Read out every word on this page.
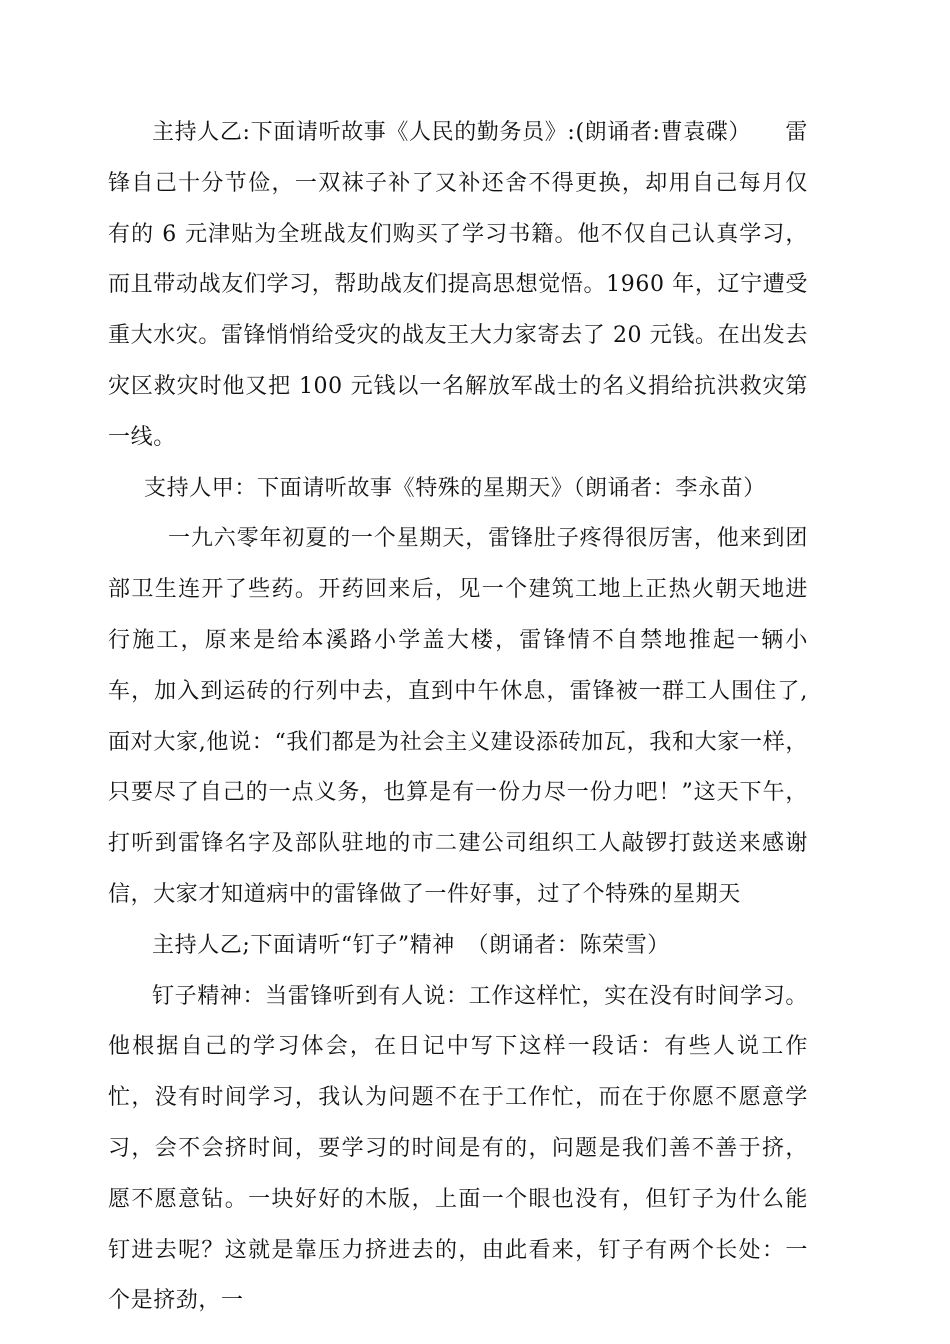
主持人乙:下面请听故事《人民的勤务员》:(朗诵者:曹袁碟）　　雷锋自己十分节俭，一双袜子补了又补还舍不得更换，却用自己每月仅有的 6 元津贴为全班战友们购买了学习书籍。他不仅自己认真学习，而且带动战友们学习，帮助战友们提高思想觉悟。1960 年，辽宁遭受重大水灾。雷锋悄悄给受灾的战友王大力家寄去了 20 元钱。在出发去灾区救灾时他又把 100 元钱以一名解放军战士的名义捐给抗洪救灾第一线。

支持人甲：下面请听故事《特殊的星期天》（朗诵者：李永苗）

一九六零年初夏的一个星期天，雷锋肚子疼得很厉害，他来到团部卫生连开了些药。开药回来后，见一个建筑工地上正热火朝天地进行施工，原来是给本溪路小学盖大楼，雷锋情不自禁地推起一辆小车，加入到运砖的行列中去，直到中午休息，雷锋被一群工人围住了,面对大家,他说：“我们都是为社会主义建设添砖加瓦，我和大家一样，只要尽了自己的一点义务，也算是有一份力尽一份力吧！”这天下午，打听到雷锋名字及部队驻地的市二建公司组织工人敲锣打鼓送来感谢信，大家才知道病中的雷锋做了一件好事，过了个特殊的星期天

主持人乙;下面请听“钉子”精神　（朗诵者：陈荣雪）

钉子精神：当雷锋听到有人说：工作这样忙，实在没有时间学习。他根据自己的学习体会，在日记中写下这样一段话：有些人说工作忙，没有时间学习，我认为问题不在于工作忙，而在于你愿不愿意学习，会不会挤时间，要学习的时间是有的，问题是我们善不善于挤，愿不愿意钻。一块好好的木版，上面一个眼也没有，但钉子为什么能钉进去呢？这就是靠压力挤进去的，由此看来，钉子有两个长处：一个是挤劲，一
